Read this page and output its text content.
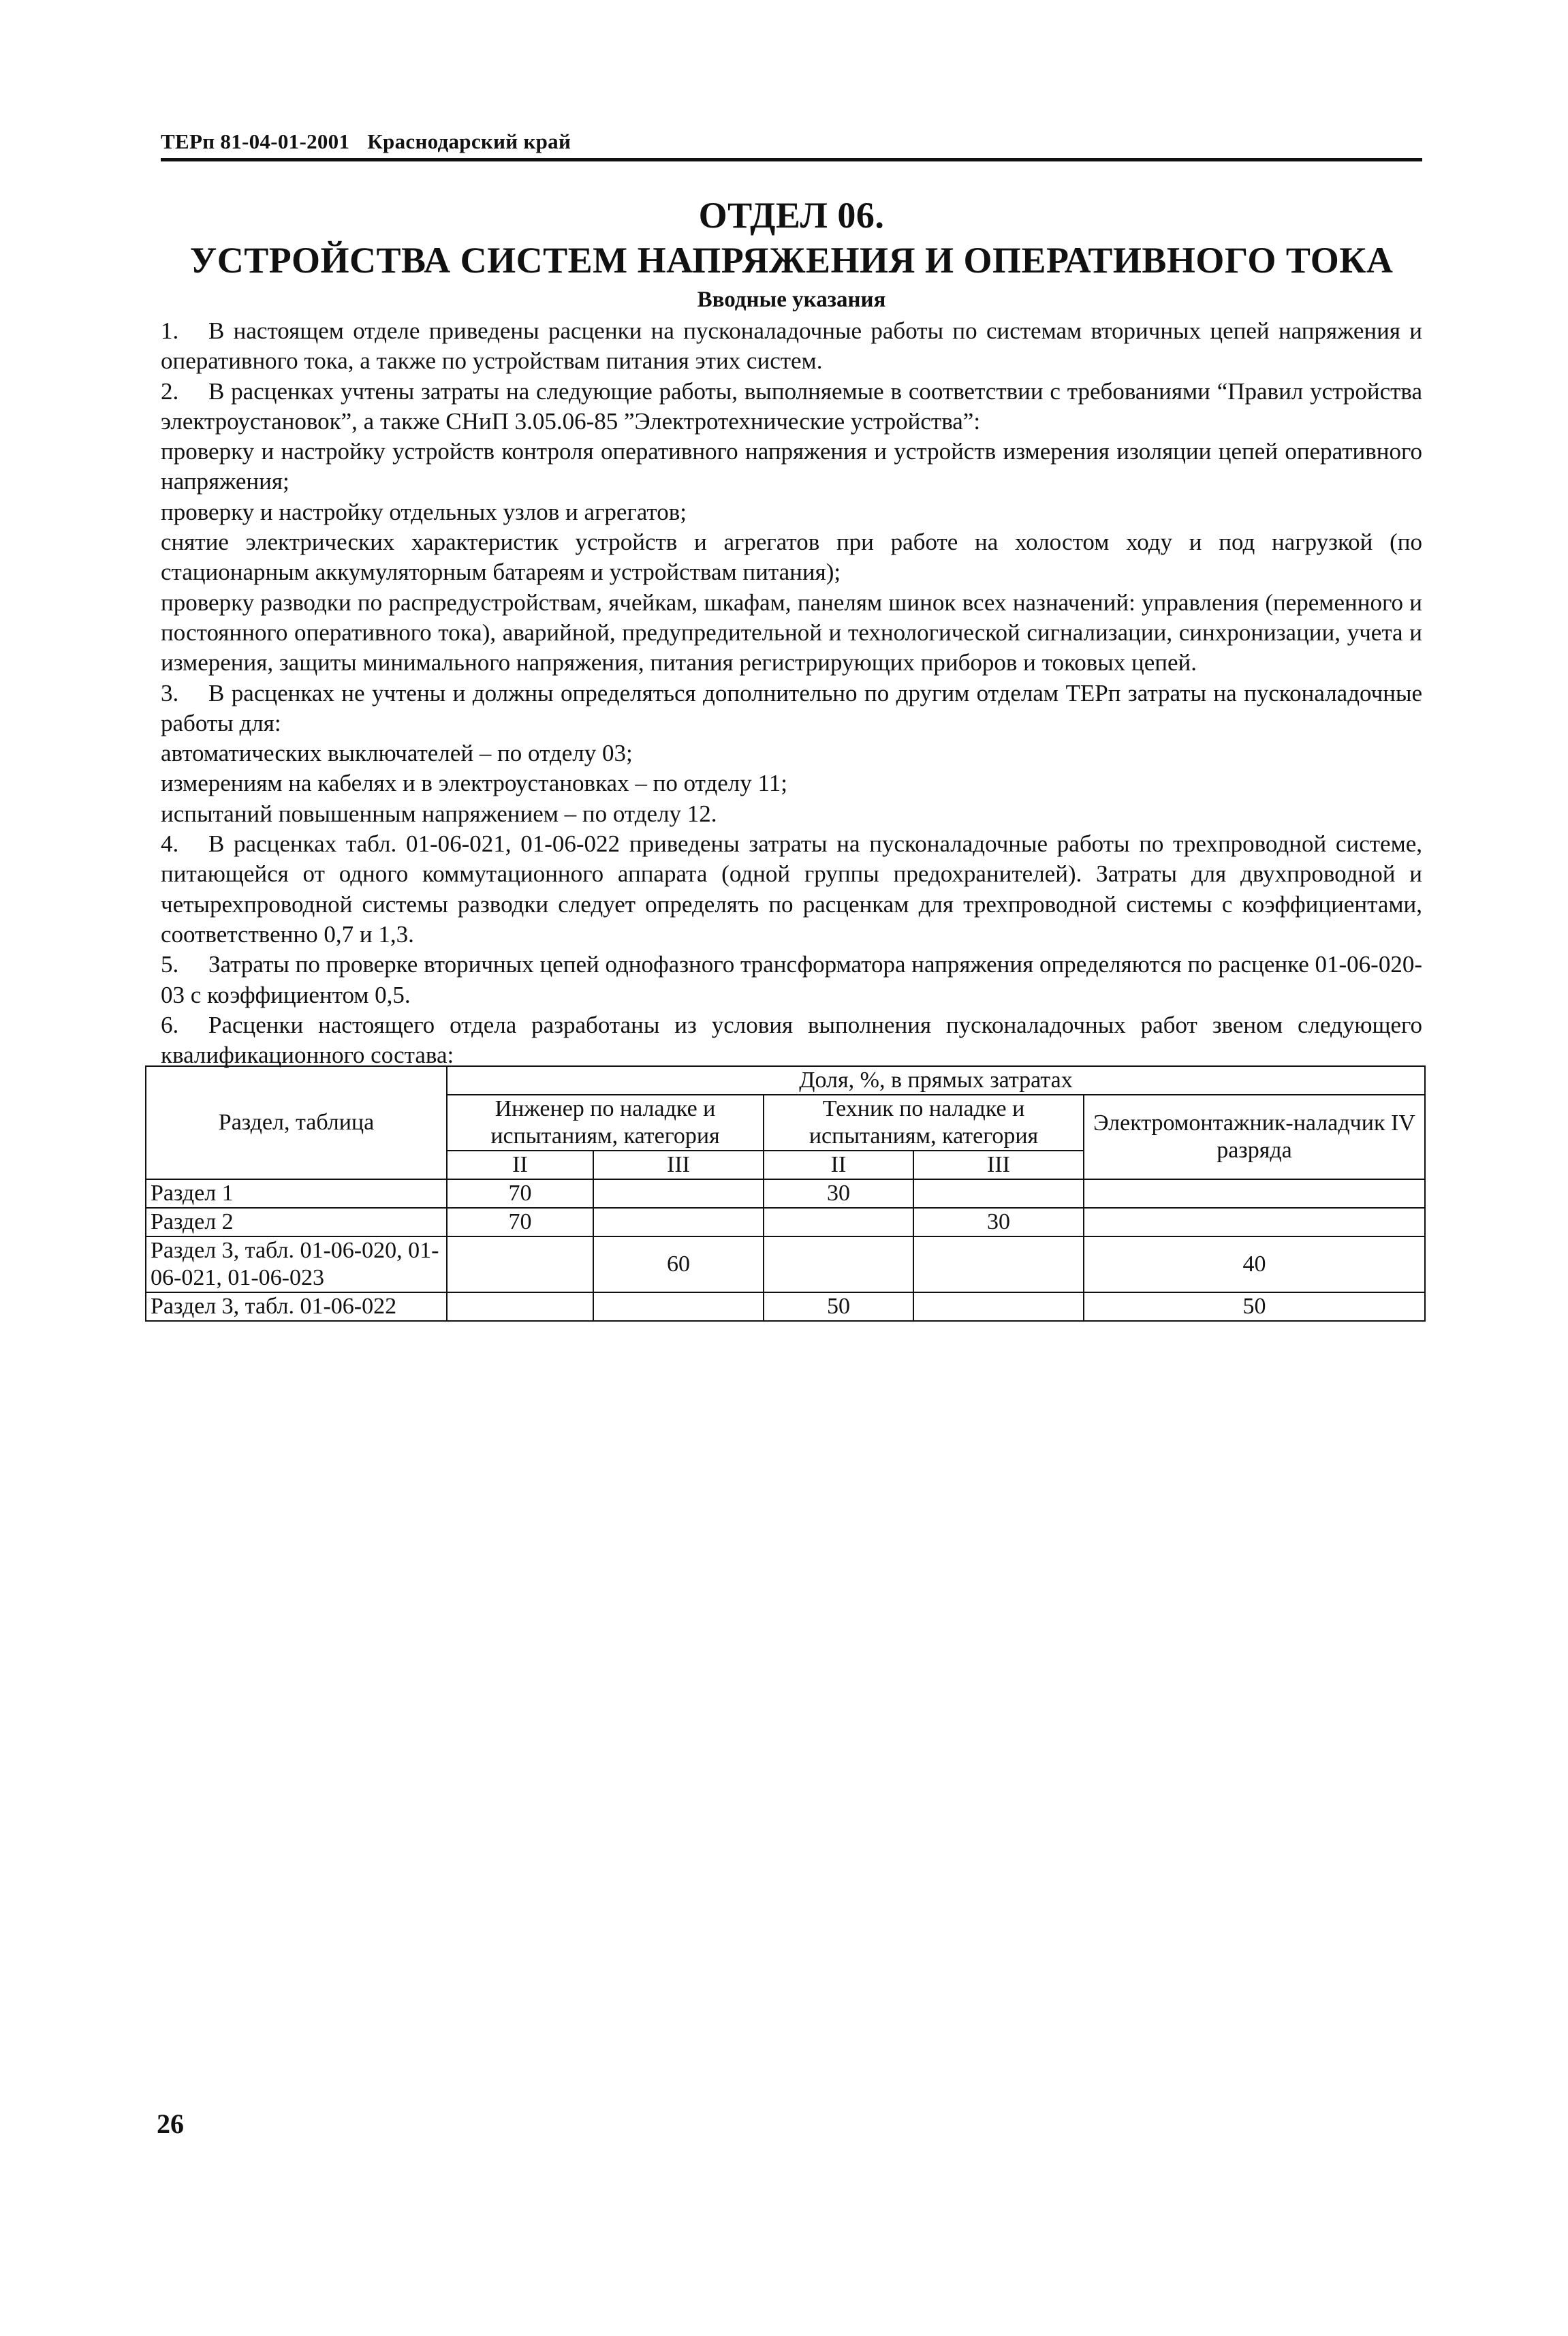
ТЕРп 81-04-01-2001 Краснодарский край
ОТДЕЛ 06.
УСТРОЙСТВА СИСТЕМ НАПРЯЖЕНИЯ И ОПЕРАТИВНОГО ТОКА
Вводные указания

1. В настоящем отделе приведены расценки на пусконаладочные работы по системам вторичных цепей напряжения и оперативного тока, а также по устройствам питания этих систем.

2. В расценках учтены затраты на следующие работы, выполняемые в соответствии с требованиями “Правил устройства электроустановок”, а также СНиП 3.05.06-85 ”Электротехнические устройства”:

проверку и настройку устройств контроля оперативного напряжения и устройств измерения изоляции цепей оперативного напряжения;

проверку и настройку отдельных узлов и агрегатов;

снятие электрических характеристик устройств и агрегатов при работе на холостом ходу и под нагрузкой (по стационарным аккумуляторным батареям и устройствам питания);

проверку разводки по распредустройствам, ячейкам, шкафам, панелям шинок всех назначений: управления (переменного и постоянного оперативного тока), аварийной, предупредительной и технологической сигнализации, синхронизации, учета и измерения, защиты минимального напряжения, питания регистрирующих приборов и токовых цепей.

3. В расценках не учтены и должны определяться дополнительно по другим отделам ТЕРп затраты на пусконаладочные работы для:

автоматических выключателей – по отделу 03;

измерениям на кабелях и в электроустановках – по отделу 11;

испытаний повышенным напряжением – по отделу 12.

4. В расценках табл. 01-06-021, 01-06-022 приведены затраты на пусконаладочные работы по трехпроводной системе, питающейся от одного коммутационного аппарата (одной группы предохранителей). Затраты для двухпроводной и четырехпроводной системы разводки следует определять по расценкам для трехпроводной системы с коэффициентами, соответственно 0,7 и 1,3.

5. Затраты по проверке вторичных цепей однофазного трансформатора напряжения определяются по расценке 01-06-020-03 с коэффициентом 0,5.

6. Расценки настоящего отдела разработаны из условия выполнения пусконаладочных работ звеном следующего квалификационного состава:

Раздел, таблица	Доля, %, в прямых затратах				
	Инженер по наладке и испытаниям, категория		Техник по наладке и испытаниям, категория		Электромонтажник-наладчик IV разряда
	II	III	II	III	
Раздел 1	70		30		
Раздел 2	70			30	
Раздел 3, табл. 01-06-020, 01-06-021, 01-06-023		60			40
Раздел 3, табл. 01-06-022			50		50
26
